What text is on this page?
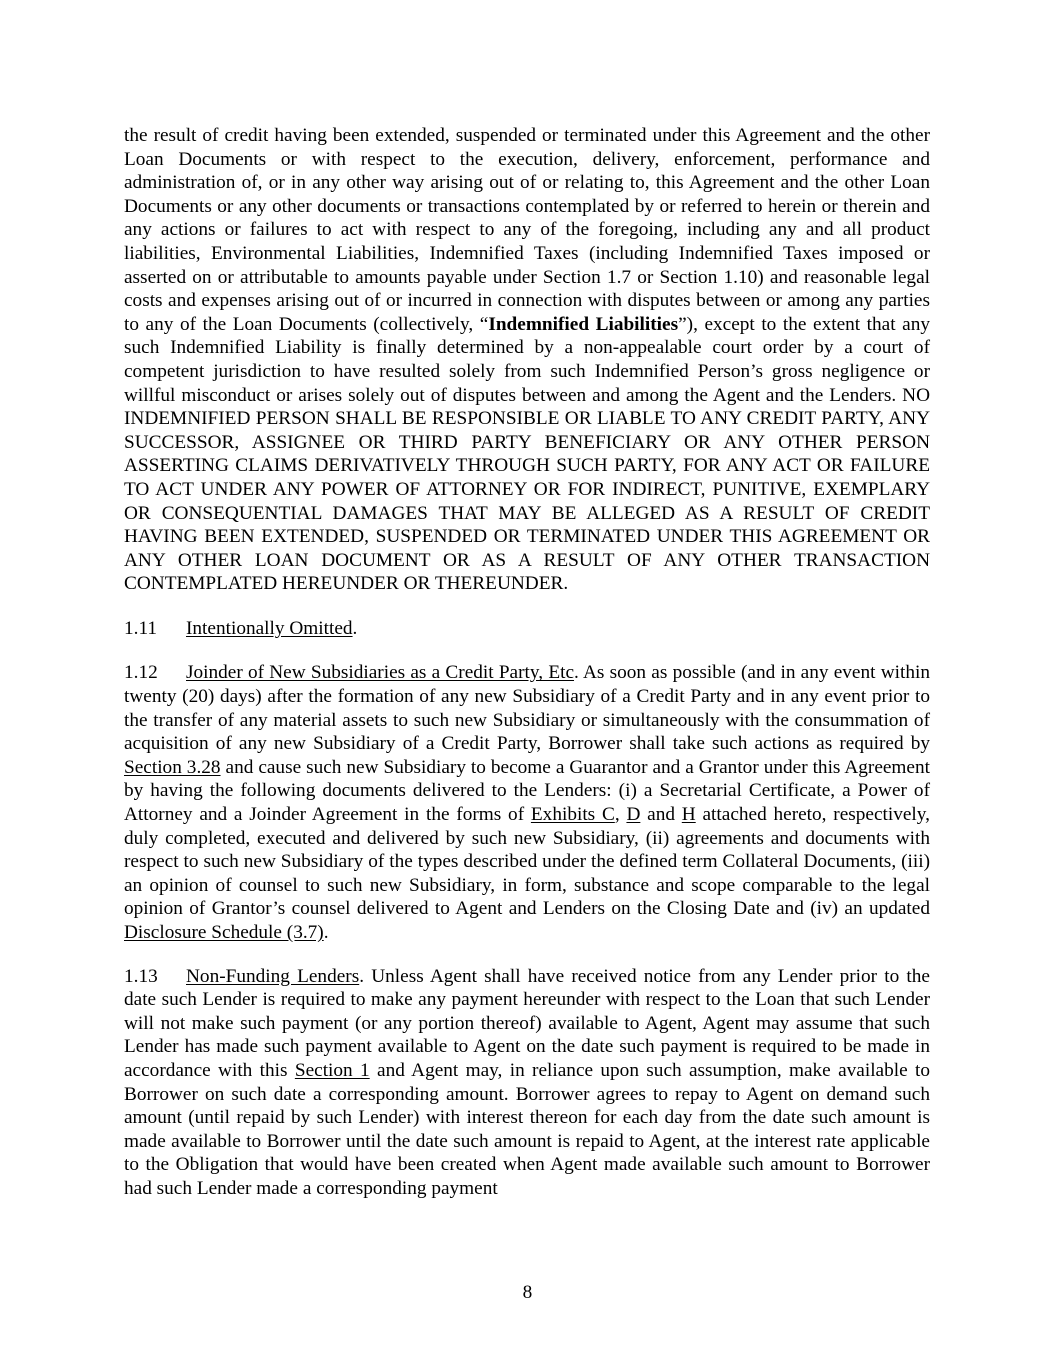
the result of credit having been extended, suspended or terminated under this Agreement and the other Loan Documents or with respect to the execution, delivery, enforcement, performance and administration of, or in any other way arising out of or relating to, this Agreement and the other Loan Documents or any other documents or transactions contemplated by or referred to herein or therein and any actions or failures to act with respect to any of the foregoing, including any and all product liabilities, Environmental Liabilities, Indemnified Taxes (including Indemnified Taxes imposed or asserted on or attributable to amounts payable under Section 1.7 or Section 1.10) and reasonable legal costs and expenses arising out of or incurred in connection with disputes between or among any parties to any of the Loan Documents (collectively, “Indemnified Liabilities”), except to the extent that any such Indemnified Liability is finally determined by a non-appealable court order by a court of competent jurisdiction to have resulted solely from such Indemnified Person’s gross negligence or willful misconduct or arises solely out of disputes between and among the Agent and the Lenders. NO INDEMNIFIED PERSON SHALL BE RESPONSIBLE OR LIABLE TO ANY CREDIT PARTY, ANY SUCCESSOR, ASSIGNEE OR THIRD PARTY BENEFICIARY OR ANY OTHER PERSON ASSERTING CLAIMS DERIVATIVELY THROUGH SUCH PARTY, FOR ANY ACT OR FAILURE TO ACT UNDER ANY POWER OF ATTORNEY OR FOR INDIRECT, PUNITIVE, EXEMPLARY OR CONSEQUENTIAL DAMAGES THAT MAY BE ALLEGED AS A RESULT OF CREDIT HAVING BEEN EXTENDED, SUSPENDED OR TERMINATED UNDER THIS AGREEMENT OR ANY OTHER LOAN DOCUMENT OR AS A RESULT OF ANY OTHER TRANSACTION CONTEMPLATED HEREUNDER OR THEREUNDER.

1.11 Intentionally Omitted.

1.12 Joinder of New Subsidiaries as a Credit Party, Etc. As soon as possible (and in any event within twenty (20) days) after the formation of any new Subsidiary of a Credit Party and in any event prior to the transfer of any material assets to such new Subsidiary or simultaneously with the consummation of acquisition of any new Subsidiary of a Credit Party, Borrower shall take such actions as required by Section 3.28 and cause such new Subsidiary to become a Guarantor and a Grantor under this Agreement by having the following documents delivered to the Lenders: (i) a Secretarial Certificate, a Power of Attorney and a Joinder Agreement in the forms of Exhibits C, D and H attached hereto, respectively, duly completed, executed and delivered by such new Subsidiary, (ii) agreements and documents with respect to such new Subsidiary of the types described under the defined term Collateral Documents, (iii) an opinion of counsel to such new Subsidiary, in form, substance and scope comparable to the legal opinion of Grantor’s counsel delivered to Agent and Lenders on the Closing Date and (iv) an updated Disclosure Schedule (3.7).

1.13 Non-Funding Lenders. Unless Agent shall have received notice from any Lender prior to the date such Lender is required to make any payment hereunder with respect to the Loan that such Lender will not make such payment (or any portion thereof) available to Agent, Agent may assume that such Lender has made such payment available to Agent on the date such payment is required to be made in accordance with this Section 1 and Agent may, in reliance upon such assumption, make available to Borrower on such date a corresponding amount. Borrower agrees to repay to Agent on demand such amount (until repaid by such Lender) with interest thereon for each day from the date such amount is made available to Borrower until the date such amount is repaid to Agent, at the interest rate applicable to the Obligation that would have been created when Agent made available such amount to Borrower had such Lender made a corresponding payment

8
